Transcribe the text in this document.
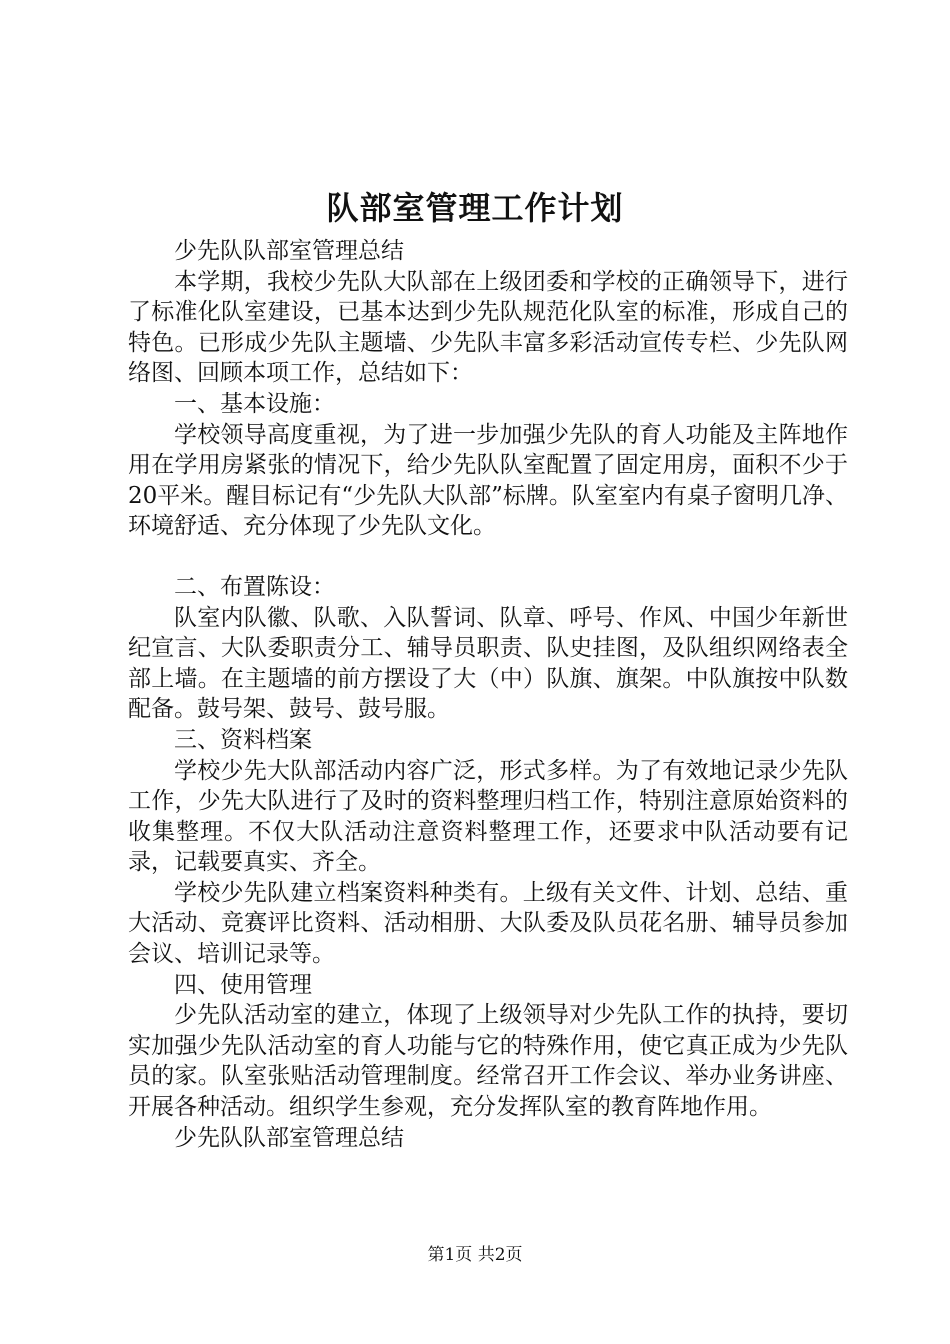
队部室管理工作计划

少先队队部室管理总结

本学期，我校少先队大队部在上级团委和学校的正确领导下，进行了标准化队室建设，已基本达到少先队规范化队室的标准，形成自己的特色。已形成少先队主题墙、少先队丰富多彩活动宣传专栏、少先队网络图、回顾本项工作，总结如下：

一、基本设施：

学校领导高度重视，为了进一步加强少先队的育人功能及主阵地作用在学用房紧张的情况下，给少先队队室配置了固定用房，面积不少于20平米。醒目标记有“少先队大队部”标牌。队室室内有桌子窗明几净、环境舒适、充分体现了少先队文化。

二、布置陈设：

队室内队徽、队歌、入队誓词、队章、呼号、作风、中国少年新世纪宣言、大队委职责分工、辅导员职责、队史挂图，及队组织网络表全部上墙。在主题墙的前方摆设了大（中）队旗、旗架。中队旗按中队数配备。鼓号架、鼓号、鼓号服。

三、资料档案

学校少先大队部活动内容广泛，形式多样。为了有效地记录少先队工作，少先大队进行了及时的资料整理归档工作，特别注意原始资料的收集整理。不仅大队活动注意资料整理工作，还要求中队活动要有记录，记载要真实、齐全。

学校少先队建立档案资料种类有。上级有关文件、计划、总结、重大活动、竞赛评比资料、活动相册、大队委及队员花名册、辅导员参加会议、培训记录等。

四、使用管理

少先队活动室的建立，体现了上级领导对少先队工作的执持，要切实加强少先队活动室的育人功能与它的特殊作用，使它真正成为少先队员的家。队室张贴活动管理制度。经常召开工作会议、举办业务讲座、开展各种活动。组织学生参观，充分发挥队室的教育阵地作用。

少先队队部室管理总结

第1页 共2页
